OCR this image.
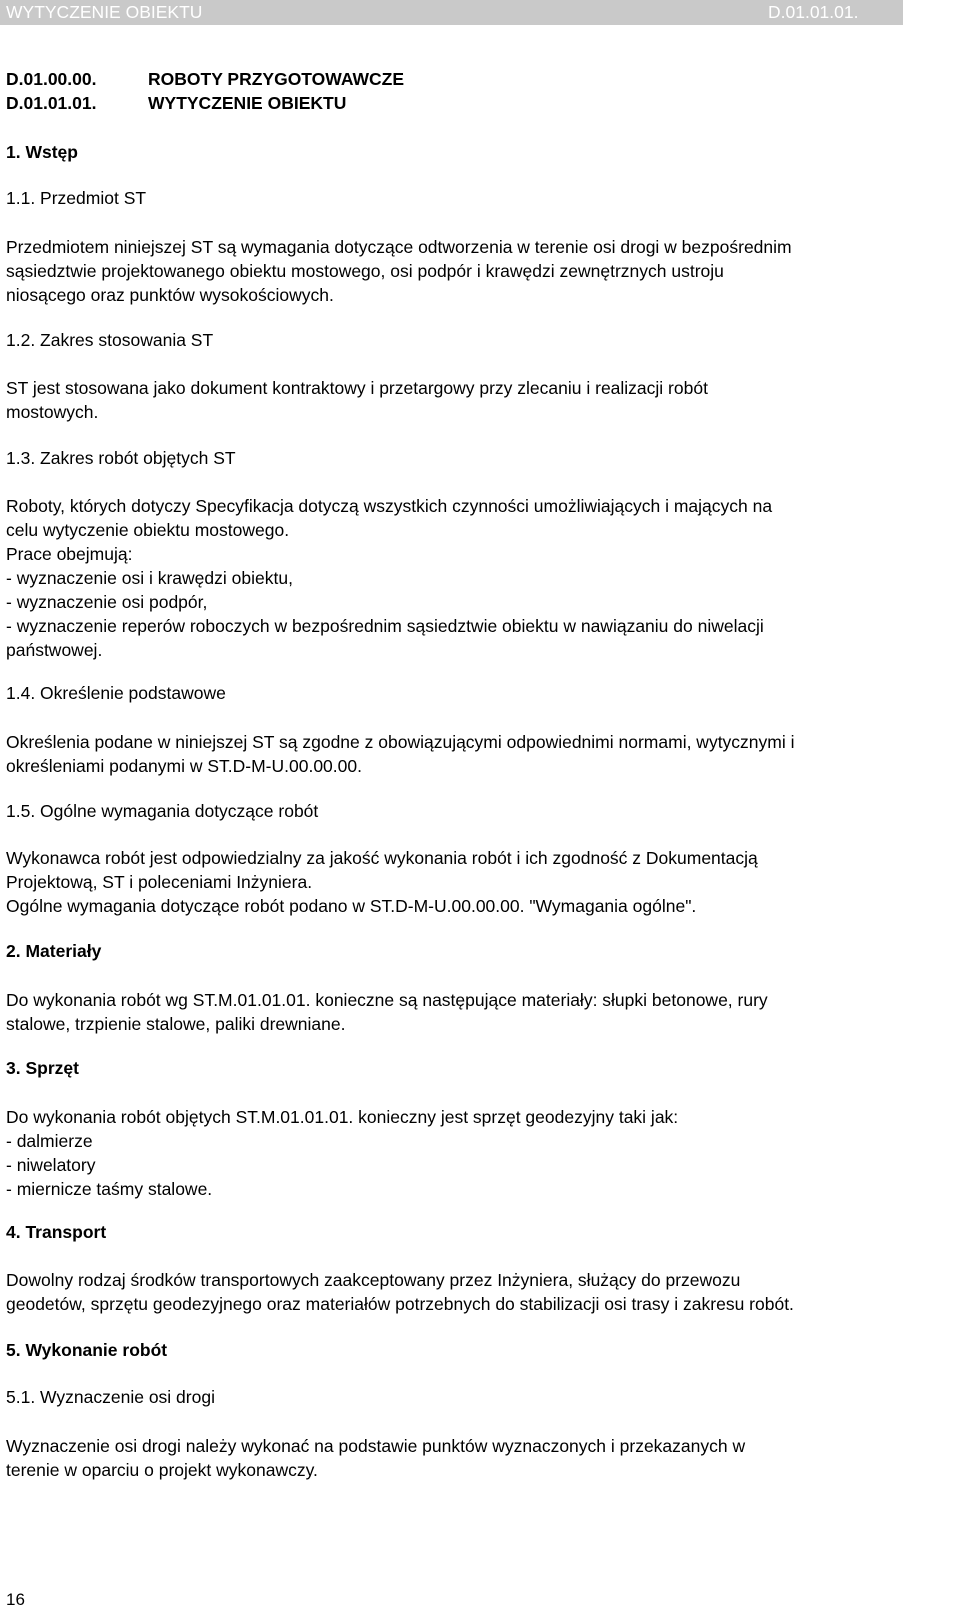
WYTYCZENIE OBIEKTU	D.01.01.01.
D.01.00.00.	ROBOTY PRZYGOTOWAWCZE
D.01.01.01.	WYTYCZENIE OBIEKTU
1. Wstęp
1.1. Przedmiot ST
Przedmiotem niniejszej ST są wymagania dotyczące odtworzenia w terenie osi drogi w bezpośrednim
sąsiedztwie projektowanego obiektu mostowego, osi podpór i krawędzi zewnętrznych ustroju
niosącego oraz punktów wysokościowych.
1.2. Zakres stosowania ST
ST jest stosowana jako dokument kontraktowy i przetargowy przy zlecaniu i realizacji robót
mostowych.
1.3. Zakres robót objętych ST
Roboty, których dotyczy Specyfikacja dotyczą wszystkich czynności umożliwiających i mających na
celu wytyczenie obiektu mostowego.
Prace obejmują:
- wyznaczenie osi i krawędzi obiektu,
- wyznaczenie osi podpór,
- wyznaczenie reperów roboczych w bezpośrednim sąsiedztwie obiektu w nawiązaniu do niwelacji
państwowej.
1.4. Określenie podstawowe
Określenia podane w niniejszej ST są zgodne z obowiązującymi odpowiednimi normami, wytycznymi i
określeniami podanymi w ST.D-M-U.00.00.00.
1.5. Ogólne wymagania dotyczące robót
Wykonawca robót jest odpowiedzialny za jakość wykonania robót i ich zgodność z Dokumentacją
Projektową, ST i poleceniami Inżyniera.
Ogólne wymagania dotyczące robót podano w ST.D-M-U.00.00.00. "Wymagania ogólne".
2. Materiały
Do wykonania robót wg ST.M.01.01.01. konieczne są następujące materiały: słupki betonowe, rury
stalowe, trzpienie stalowe, paliki drewniane.
3. Sprzęt
Do wykonania robót objętych ST.M.01.01.01. konieczny jest sprzęt geodezyjny taki jak:
- dalmierze
- niwelatory
- miernicze taśmy stalowe.
4. Transport
Dowolny rodzaj środków transportowych zaakceptowany przez Inżyniera, służący do przewozu
geodetów, sprzętu geodezyjnego oraz materiałów potrzebnych do stabilizacji osi trasy i zakresu robót.
5. Wykonanie robót
5.1. Wyznaczenie osi drogi
Wyznaczenie osi drogi należy wykonać na podstawie punktów wyznaczonych i przekazanych w
terenie w oparciu o projekt wykonawczy.
16
